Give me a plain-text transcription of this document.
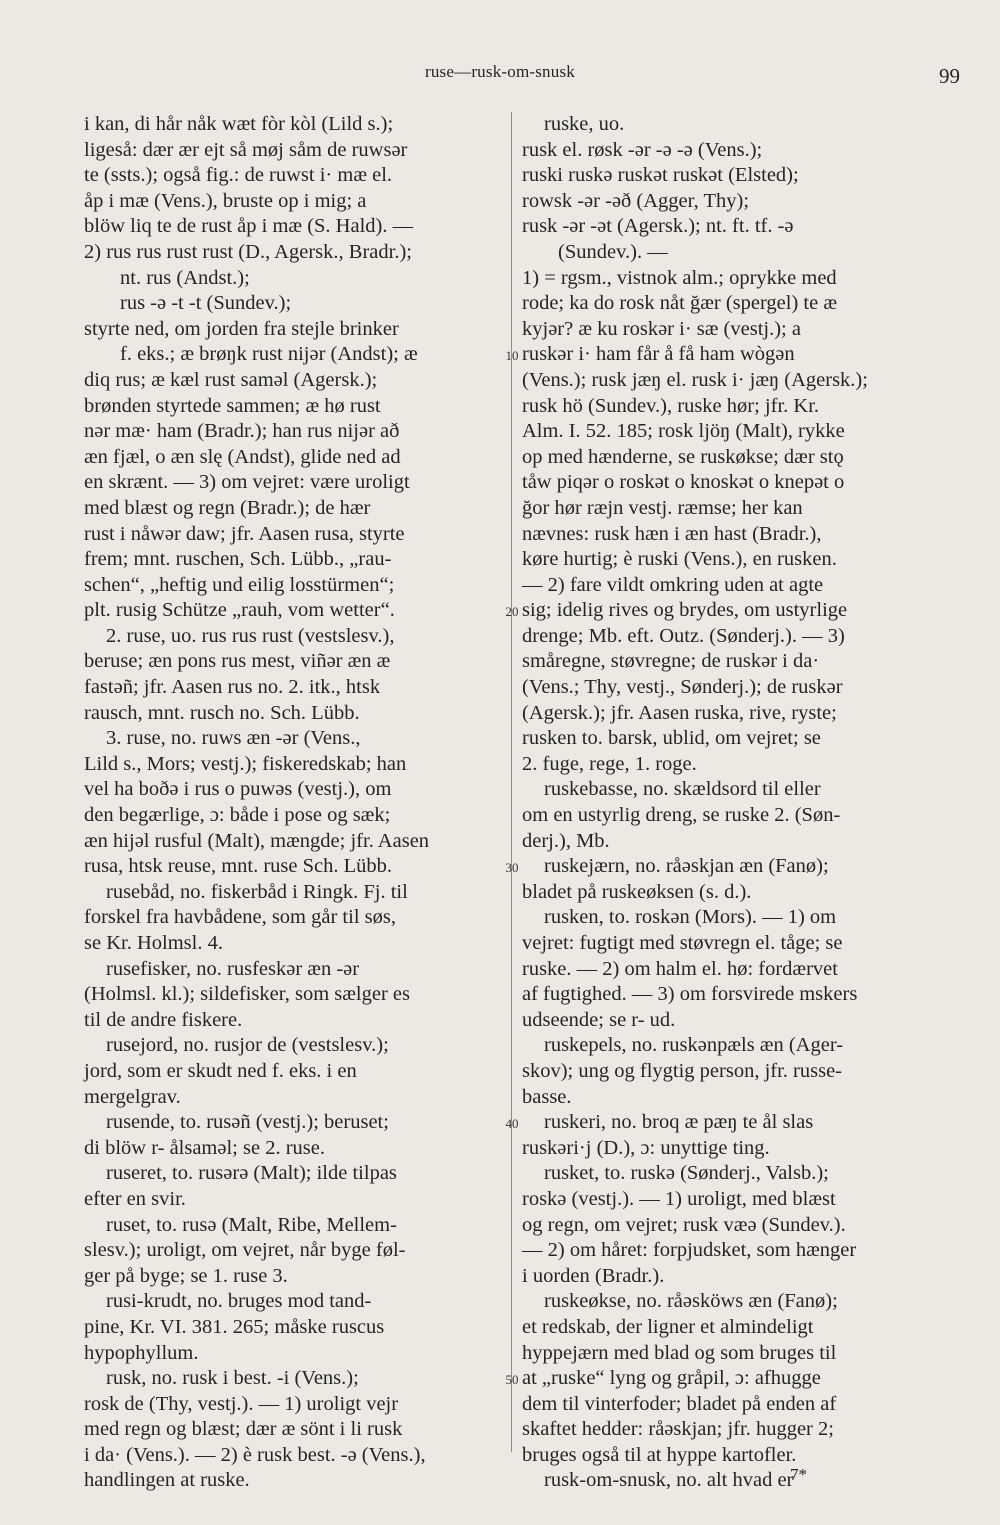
ruse—rusk-om-snusk	99

i kan, di hår nåk wæt fòr kòl (Lild s.);

ligeså: dær ær ejt så møj såm de ruwsər

te (ssts.); også fig.: de ruwst i· mæ el.

åp i mæ (Vens.), bruste op i mig; a

blöw liq te de rust åp i mæ (S. Hald). —

2) rus rus rust rust (D., Agersk., Bradr.);

nt. rus (Andst.);

rus -ə -t -t (Sundev.);

styrte ned, om jorden fra stejle brinker

f. eks.; æ brøŋk rust nijər (Andst); æ

diq rus; æ kæl rust saməl (Agersk.);

brønden styrtede sammen; æ hø rust

nər mæ· ham (Bradr.); han rus nijər að

æn fjæl, o æn slę (Andst), glide ned ad

en skrænt. — 3) om vejret: være uroligt

med blæst og regn (Bradr.); de hær

rust i nåwər daw; jfr. Aasen rusa, styrte

frem; mnt. ruschen, Sch. Lübb., „rau-

schen“, „heftig und eilig losstürmen“;

plt. rusig Schütze „rauh, vom wetter“.

2. ruse, uo. rus rus rust (vestslesv.),

beruse; æn pons rus mest, viñər æn æ

fastəñ; jfr. Aasen rus no. 2. itk., htsk

rausch, mnt. rusch no. Sch. Lübb.

3. ruse, no. ruws æn -ər (Vens.,

Lild s., Mors; vestj.); fiskeredskab; han

vel ha boðə i rus o puwəs (vestj.), om

den begærlige, ɔ: både i pose og sæk;

æn hijəl rusful (Malt), mængde; jfr. Aasen

rusa, htsk reuse, mnt. ruse Sch. Lübb.

rusebåd, no. fiskerbåd i Ringk. Fj. til

forskel fra havbådene, som går til søs,

se Kr. Holmsl. 4.

rusefisker, no. rusfeskər æn -ər

(Holmsl. kl.); sildefisker, som sælger es

til de andre fiskere.

rusejord, no. rusjor de (vestslesv.);

jord, som er skudt ned f. eks. i en

mergelgrav.

rusende, to. rusəñ (vestj.); beruset;

di blöw r- ålsaməl; se 2. ruse.

ruseret, to. rusərə (Malt); ilde tilpas

efter en svir.

ruset, to. rusə (Malt, Ribe, Mellem-

slesv.); uroligt, om vejret, når byge føl-

ger på byge; se 1. ruse 3.

rusi-krudt, no. bruges mod tand-

pine, Kr. VI. 381. 265; måske ruscus

hypophyllum.

rusk, no. rusk i best. -i (Vens.);

rosk de (Thy, vestj.). — 1) uroligt vejr

med regn og blæst; dær æ sönt i li rusk

i da· (Vens.). — 2) è rusk best. -ə (Vens.),

handlingen at ruske.

ruske, uo.

rusk el. røsk -ər -ə -ə (Vens.);

ruski ruskə ruskət ruskət (Elsted);

rowsk -ər -əð (Agger, Thy);

rusk -ər -ət (Agersk.); nt. ft. tf. -ə

(Sundev.). —

1) = rgsm., vistnok alm.; oprykke med

rode; ka do rosk nåt ğær (spergel) te æ

kyjər? æ ku roskər i· sæ (vestj.); a

ruskər i· ham får å få ham wògən

(Vens.); rusk jæŋ el. rusk i· jæŋ (Agersk.);

rusk hö (Sundev.), ruske hør; jfr. Kr.

Alm. I. 52. 185; rosk ljöŋ (Malt), rykke

op med hænderne, se ruskøkse; dær stǫ

tåw piqər o roskət o knoskət o knepət o

ğor hør ræjn vestj. ræmse; her kan

nævnes: rusk hæn i æn hast (Bradr.),

køre hurtig; è ruski (Vens.), en rusken.

— 2) fare vildt omkring uden at agte

sig; idelig rives og brydes, om ustyrlige

drenge; Mb. eft. Outz. (Sønderj.). — 3)

småregne, støvregne; de ruskər i da·

(Vens.; Thy, vestj., Sønderj.); de ruskər

(Agersk.); jfr. Aasen ruska, rive, ryste;

rusken to. barsk, ublid, om vejret; se

2. fuge, rege, 1. roge.

ruskebasse, no. skældsord til eller

om en ustyrlig dreng, se ruske 2. (Søn-

derj.), Mb.

ruskejærn, no. råəskjan æn (Fanø);

bladet på ruskeøksen (s. d.).

rusken, to. roskən (Mors). — 1) om

vejret: fugtigt med støvregn el. tåge; se

ruske. — 2) om halm el. hø: fordærvet

af fugtighed. — 3) om forsvirede mskers

udseende; se r- ud.

ruskepels, no. ruskənpæls æn (Ager-

skov); ung og flygtig person, jfr. russe-

basse.

ruskeri, no. broq æ pæŋ te ål slas

ruskəri·j (D.), ɔ: unyttige ting.

rusket, to. ruskə (Sønderj., Valsb.);

roskə (vestj.). — 1) uroligt, med blæst

og regn, om vejret; rusk væə (Sundev.).

— 2) om håret: forpjudsket, som hænger

i uorden (Bradr.).

ruskeøkse, no. råəsköws æn (Fanø);

et redskab, der ligner et almindeligt

hyppejærn med blad og som bruges til

at „ruske“ lyng og gråpil, ɔ: afhugge

dem til vinterfoder; bladet på enden af

skaftet hedder: råəskjan; jfr. hugger 2;

bruges også til at hyppe kartofler.

rusk-om-snusk, no. alt hvad er

10
20
30
40
50
7*
